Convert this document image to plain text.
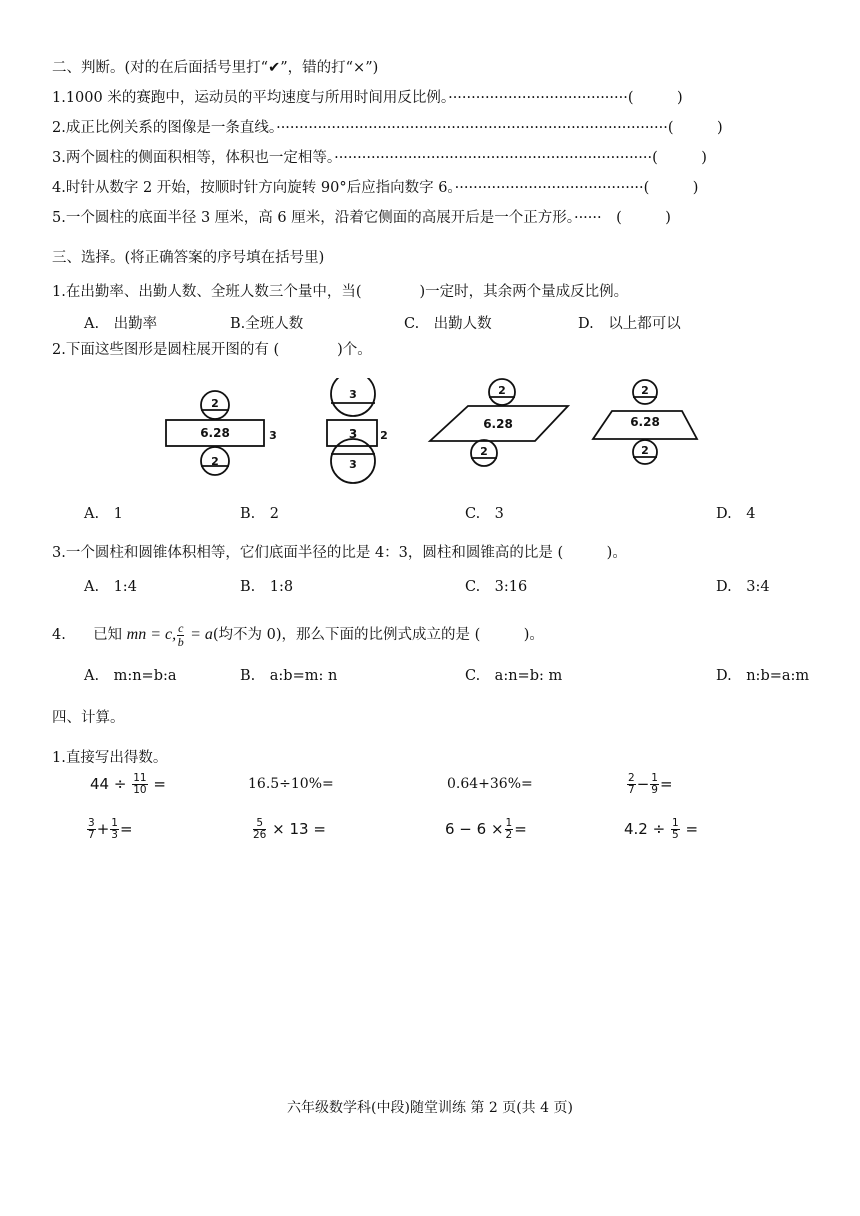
二、判断。(对的在后面括号里打“✔”，错的打“×”)
1.1000 米的赛跑中，运动员的平均速度与所用时间用反比例。·······································(　　　)
2.成正比例关系的图像是一条直线。·····················································································(　　　)
3.两个圆柱的侧面积相等，体积也一定相等。·····································································(　　　)
4.时针从数字 2 开始，按顺时针方向旋转 90°后应指向数字 6。·········································(　　　)
5.一个圆柱的底面半径 3 厘米，高 6 厘米，沿着它侧面的高展开后是一个正方形。······　(　　　)
三、选择。(将正确答案的序号填在括号里)
1.在出勤率、出勤人数、全班人数三个量中，当(　　　　)一定时，其余两个量成反比例。
A.　出勤率	B.全班人数	C.　出勤人数	D.　以上都可以
2.下面这些图形是圆柱展开图的有 (　　　　)个。
2
6.28	3
2
3
3 2
3
2
6.28
2
2
6.28
2
A.　1	B.　2	C.　3	D.　4
3.一个圆柱和圆锥体积相等，它们底面半径的比是 4：3，圆柱和圆锥高的比是 (　　　)。
A.　1:4	B.　1:8	C.　3:16	D.　3:4
4. 已知 mn = c, $\frac{c}{b} = a$(均不为 0)，那么下面的比例式成立的是 (　　　)。
A.　m:n=b:a	B.　a:b=m: n	C.　a:n=b: m	D.　n:b=a:m
四、计算。
1.直接写出得数。
$44 \div \frac{11}{10}$ =	16.5÷10%=	0.64+36%=	$\frac{2}{7} - \frac{1}{9}$ =
$\frac{3}{7} + \frac{1}{3}$ =	$\frac{5}{26} \times 13$ =	$6 - 6 \times \frac{1}{2}$ =	$4.2 \div \frac{1}{5}$ =
六年级数学科(中段)随堂训练 第 2 页(共 4 页)
